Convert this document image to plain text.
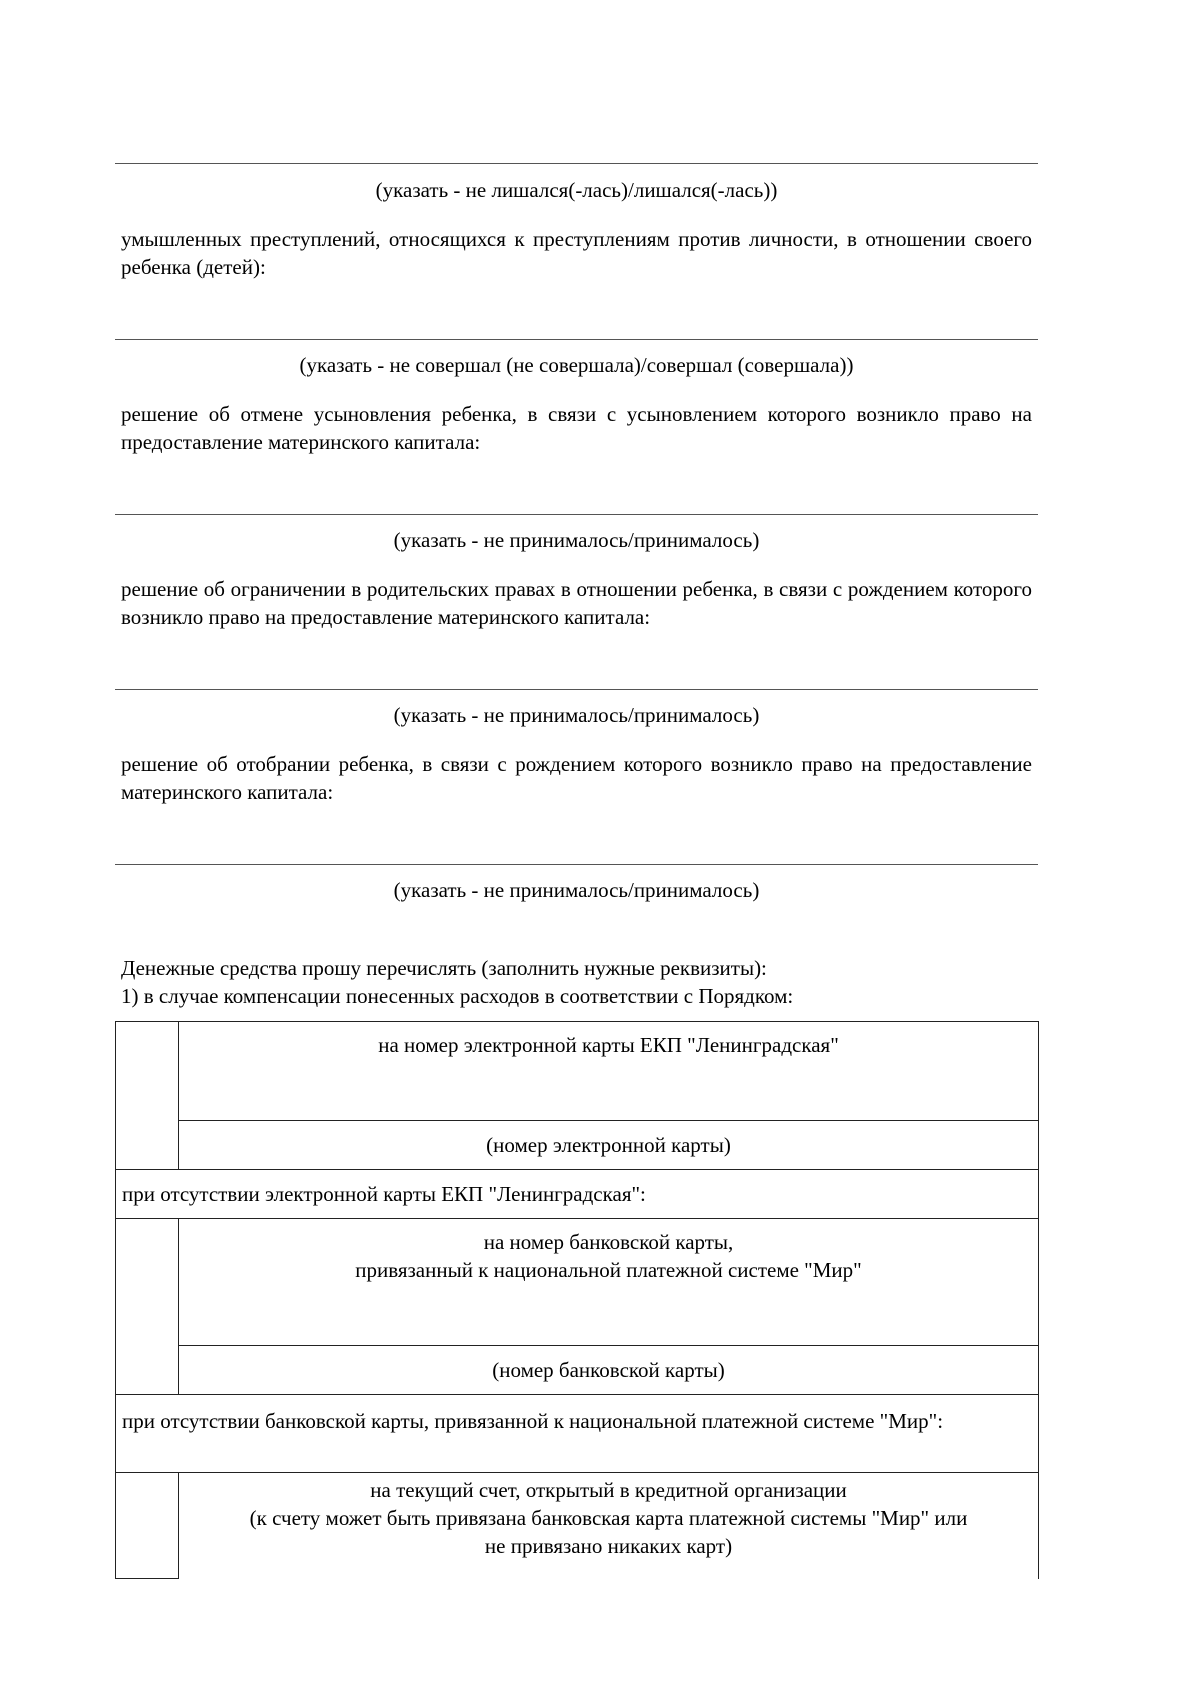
(указать - не лишался(-лась)/лишался(-лась))
умышленных преступлений, относящихся к преступлениям против личности, в отношении своего ребенка (детей):
(указать - не совершал (не совершала)/совершал (совершала))
решение об отмене усыновления ребенка, в связи с усыновлением которого возникло право на предоставление материнского капитала:
(указать - не принималось/принималось)
решение об ограничении в родительских правах в отношении ребенка, в связи с рождением которого возникло право на предоставление материнского капитала:
(указать - не принималось/принималось)
решение об отобрании ребенка, в связи с рождением которого возникло право на предоставление материнского капитала:
(указать - не принималось/принималось)
Денежные средства прошу перечислять (заполнить нужные реквизиты):
1) в случае компенсации понесенных расходов в соответствии с Порядком:
	на номер электронной карты ЕКП "Ленинградская"
	(номер электронной карты)
при отсутствии электронной карты ЕКП "Ленинградская":	

	на номер банковской карты,
привязанный к национальной платежной системе "Мир"

	(номер банковской карты)
при отсутствии банковской карты, привязанной к национальной платежной системе "Мир":	

	на текущий счет, открытый в кредитной организации
(к счету может быть привязана банковская карта платежной системы "Мир" или
не привязано никаких карт)
